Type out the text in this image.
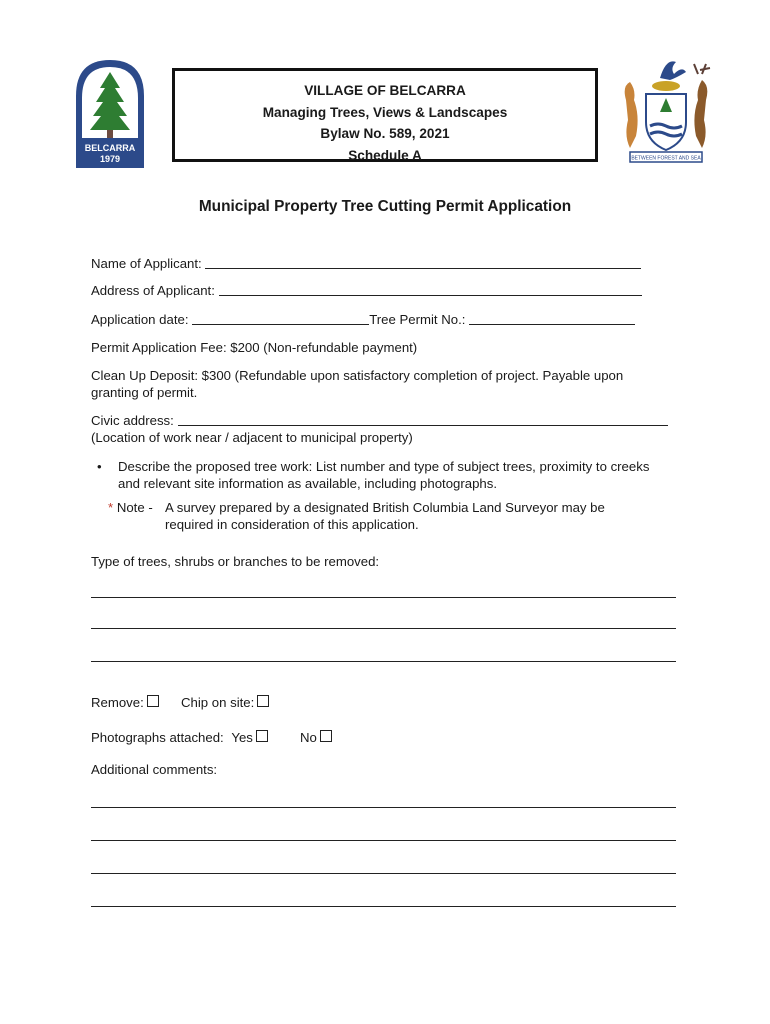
BELCARRA
1979
VILLAGE OF BELCARRA
Managing Trees, Views & Landscapes
Bylaw No. 589, 2021
Schedule A	BETWEEN FOREST AND SEA
Municipal Property Tree Cutting Permit Application
Name of Applicant:
Address of Applicant:
Application date:	Tree Permit No.:
Permit Application Fee: $200 (Non-refundable payment)
Clean Up Deposit: $300 (Refundable upon satisfactory completion of project. Payable upon
granting of permit.
Civic address:
(Location of work near / adjacent to municipal property)
• Describe the proposed tree work: List number and type of subject trees, proximity to creeks
and relevant site information as available, including photographs.
* Note - A survey prepared by a designated British Columbia Land Surveyor may be
required in consideration of this application.
Type of trees, shrubs or branches to be removed:
Remove:	Chip on site:
Photographs attached: Yes	No
Additional comments:
